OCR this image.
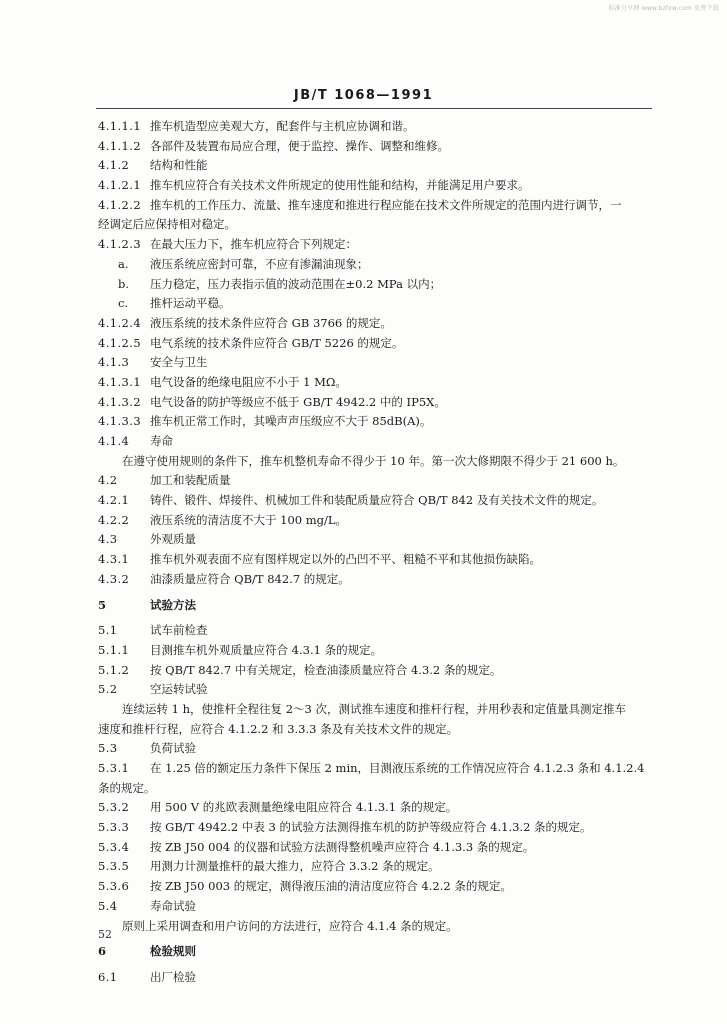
标准分享网 www.bzfxw.com 免费下载
JB/T 1068—1991
4.1.1.1 推车机造型应美观大方，配套件与主机应协调和谐。
4.1.1.2 各部件及装置布局应合理，便于监控、操作、调整和维修。
4.1.2 结构和性能
4.1.2.1 推车机应符合有关技术文件所规定的使用性能和结构，并能满足用户要求。
4.1.2.2 推车机的工作压力、流量、推车速度和推进行程应能在技术文件所规定的范围内进行调节，一
经调定后应保持相对稳定。
4.1.2.3 在最大压力下，推车机应符合下列规定：
a. 液压系统应密封可靠，不应有渗漏油现象；
b. 压力稳定，压力表指示值的波动范围在±0.2 MPa 以内；
c. 推杆运动平稳。
4.1.2.4 液压系统的技术条件应符合 GB 3766 的规定。
4.1.2.5 电气系统的技术条件应符合 GB/T 5226 的规定。
4.1.3 安全与卫生
4.1.3.1 电气设备的绝缘电阻应不小于 1 MΩ。
4.1.3.2 电气设备的防护等级应不低于 GB/T 4942.2 中的 IP5X。
4.1.3.3 推车机正常工作时，其噪声声压级应不大于 85dB(A)。
4.1.4 寿命
在遵守使用规则的条件下，推车机整机寿命不得少于 10 年。第一次大修期限不得少于 21 600 h。
4.2	加工和装配质量
4.2.1 铸件、锻件、焊接件、机械加工件和装配质量应符合 QB/T 842 及有关技术文件的规定。
4.2.2 液压系统的清洁度不大于 100 mg/L。
4.3	外观质量
4.3.1 推车机外观表面不应有图样规定以外的凸凹不平、粗糙不平和其他损伤缺陷。
4.3.2 油漆质量应符合 QB/T 842.7 的规定。
5	试验方法
5.1	试车前检查
5.1.1 目测推车机外观质量应符合 4.3.1 条的规定。
5.1.2 按 QB/T 842.7 中有关规定，检查油漆质量应符合 4.3.2 条的规定。
5.2	空运转试验
连续运转 1 h，使推杆全程往复 2～3 次，测试推车速度和推杆行程，并用秒表和定值量具测定推车
速度和推杆行程，应符合 4.1.2.2 和 3.3.3 条及有关技术文件的规定。
5.3	负荷试验
5.3.1 在 1.25 倍的额定压力条件下保压 2 min，目测液压系统的工作情况应符合 4.1.2.3 条和 4.1.2.4
条的规定。
5.3.2 用 500 V 的兆欧表测量绝缘电阻应符合 4.1.3.1 条的规定。
5.3.3 按 GB/T 4942.2 中表 3 的试验方法测得推车机的防护等级应符合 4.1.3.2 条的规定。
5.3.4 按 ZB J50 004 的仪器和试验方法测得整机噪声应符合 4.1.3.3 条的规定。
5.3.5 用测力计测量推杆的最大推力，应符合 3.3.2 条的规定。
5.3.6 按 ZB J50 003 的规定，测得液压油的清洁度应符合 4.2.2 条的规定。
5.4	寿命试验
原则上采用调查和用户访问的方法进行，应符合 4.1.4 条的规定。
6	检验规则
6.1	出厂检验
52
